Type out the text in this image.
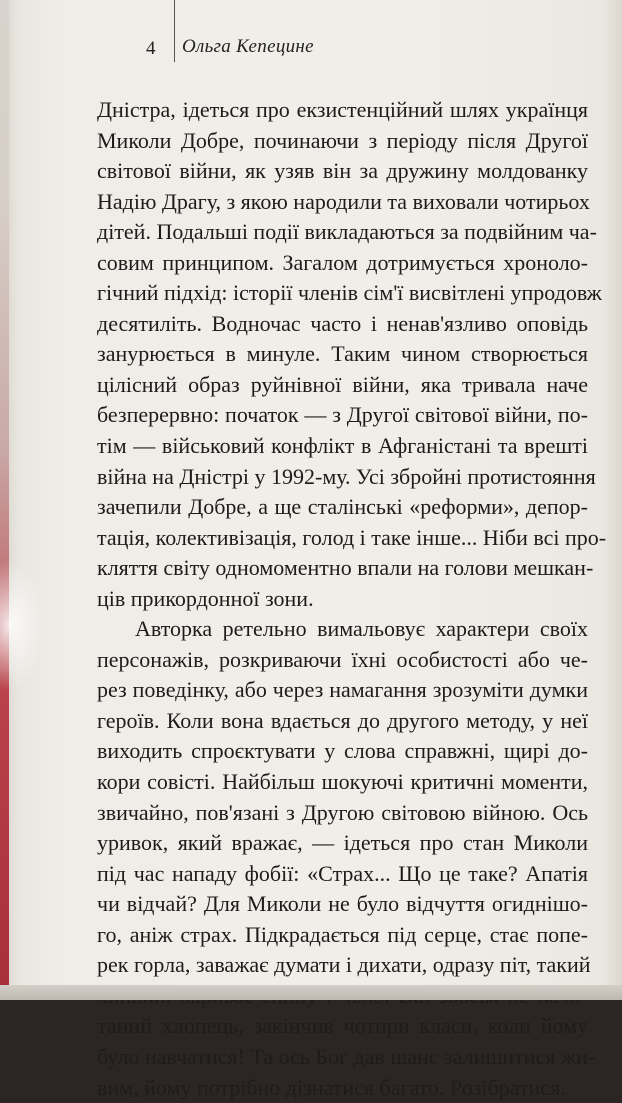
4 Ольга Кепецине

Дністра, ідеться про екзистенційний шлях українця
Миколи Добре, починаючи з періоду після Другої
світової війни, як узяв він за дружину молдованку
Надію Драгу, з якою народили та виховали чотирьох
дітей. Подальші події викладаються за подвійним ча-
совим принципом. Загалом дотримується хроноло-
гічний підхід: історії членів сім'ї висвітлені упродовж
десятиліть. Водночас часто і ненав'язливо оповідь
занурюється в минуле. Таким чином створюється
цілісний образ руйнівної війни, яка тривала наче
безперервно: початок — з Другої світової війни, по-
тім — військовий конфлікт в Афганістані та врешті
війна на Дністрі у 1992-му. Усі збройні протистояння
зачепили Добре, а ще сталінські «реформи», депор-
тація, колективізація, голод і таке інше... Ніби всі про-
кляття світу одномоментно впали на голови мешкан-
ців прикордонної зони.

Авторка ретельно вимальовує характери своїх
персонажів, розкриваючи їхні особистості або че-
рез поведінку, або через намагання зрозуміти думки
героїв. Коли вона вдається до другого методу, у неї
виходить спроєктувати у слова справжні, щирі до-
кори совісті. Найбільш шокуючі критичні моменти,
звичайно, пов'язані з Другою світовою війною. Ось
уривок, який вражає, — ідеться про стан Миколи
під час нападу фобії: «Страх... Що це таке? Апатія
чи відчай? Для Миколи не було відчуття огиднішо-
го, аніж страх. Підкрадається під серце, стає попе-
рек горла, заважає думати і дихати, одразу піт, такий
таний хлопець, закінчив чотири класи, коли йому
було навчатися! Та ось Бог дав шанс залишитися жи-
вим, йому потрібно дізнатися багато. Розібратися.
